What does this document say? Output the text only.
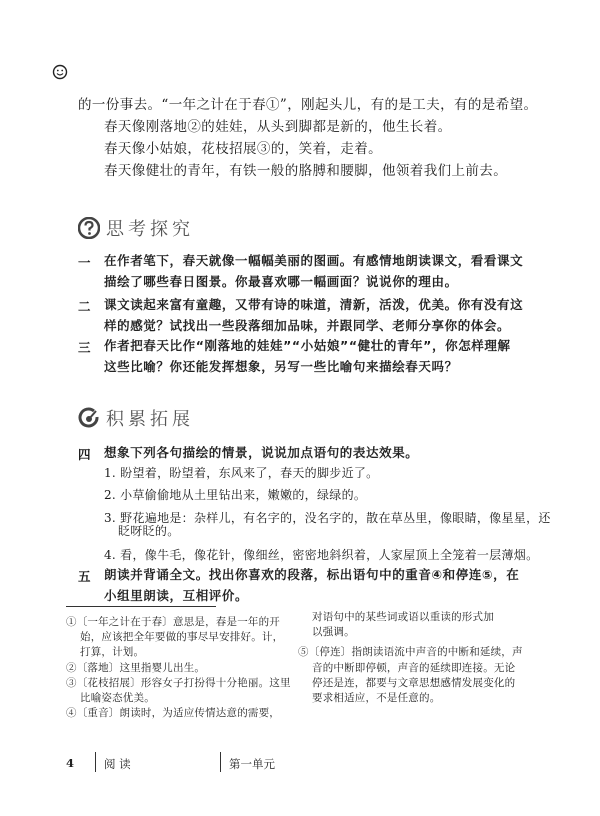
的一份事去。“一年之计在于春①”，刚起头儿，有的是工夫，有的是希望。
春天像刚落地②的娃娃，从头到脚都是新的，他生长着。
春天像小姑娘，花枝招展③的，笑着，走着。
春天像健壮的青年，有铁一般的胳膊和腰脚，他领着我们上前去。
思考探究
一 在作者笔下，春天就像一幅幅美丽的图画。有感情地朗读课文，看看课文
描绘了哪些春日图景。你最喜欢哪一幅画面？说说你的理由。
二 课文读起来富有童趣，又带有诗的味道，清新，活泼，优美。你有没有这
样的感觉？试找出一些段落细加品味，并跟同学、老师分享你的体会。
三 作者把春天比作“刚落地的娃娃”“小姑娘”“健壮的青年”，你怎样理解
这些比喻？你还能发挥想象，另写一些比喻句来描绘春天吗？
积累拓展
四 想象下列各句描绘的情景，说说加点语句的表达效果。
1. 盼望着，盼望着，东风来了，春天的脚步近了。
2. 小草偷偷地从土里钻出来，嫩嫩的，绿绿的。
3. 野花遍地是：杂样儿，有名字的，没名字的，散在草丛里，像眼睛，像星星，还
眨呀眨的。
4. 看，像牛毛，像花针，像细丝，密密地斜织着，人家屋顶上全笼着一层薄烟。
五 朗读并背诵全文。找出你喜欢的段落，标出语句中的重音④和停连⑤，在
小组里朗读，互相评价。
①〔一年之计在于春〕意思是，春是一年的开
始，应该把全年要做的事尽早安排好。计，
打算，计划。
②〔落地〕这里指婴儿出生。
③〔花枝招展〕形容女子打扮得十分艳丽。这里
比喻姿态优美。
④〔重音〕朗读时，为适应传情达意的需要，
对语句中的某些词或语以重读的形式加
以强调。
⑤〔停连〕指朗读语流中声音的中断和延续，声
音的中断即停顿，声音的延续即连接。无论
停还是连，都要与文章思想感情发展变化的
要求相适应，不是任意的。
4	阅 读	第一单元
